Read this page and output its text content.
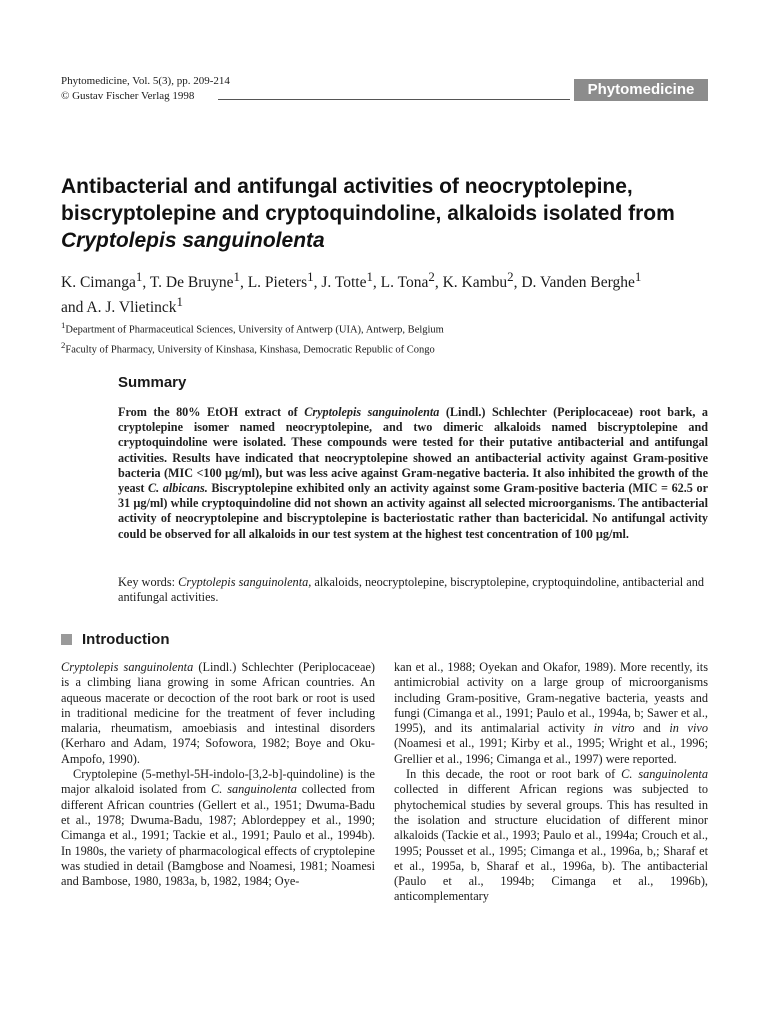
Phytomedicine, Vol. 5(3), pp. 209-214
© Gustav Fischer Verlag 1998	Phytomedicine
Antibacterial and antifungal activities of neocryptolepine, biscryptolepine and cryptoquindoline, alkaloids isolated from Cryptolepis sanguinolenta
K. Cimanga$^1$, T. De Bruyne$^1$, L. Pieters$^1$, J. Totte$^1$, L. Tona$^2$, K. Kambu$^2$, D. Vanden Berghe$^1$
and A. J. Vlietinck$^1$
$^1$Department of Pharmaceutical Sciences, University of Antwerp (UIA), Antwerp, Belgium
$^2$Faculty of Pharmacy, University of Kinshasa, Kinshasa, Democratic Republic of Congo
Summary
From the 80% EtOH extract of Cryptolepis sanguinolenta (Lindl.) Schlechter (Periplocaceae) root bark, a cryptolepine isomer named neocryptolepine, and two dimeric alkaloids named biscryptolepine and cryptoquindoline were isolated. These compounds were tested for their putative antibacterial and antifungal activities. Results have indicated that neocryptolepine showed an antibacterial activity against Gram-positive bacteria (MIC <100 µg/ml), but was less acive against Gram-negative bacteria. It also inhibited the growth of the yeast C. albicans. Biscryptolepine exhibited only an activity against some Gram-positive bacteria (MIC = 62.5 or 31 µg/ml) while cryptoquindoline did not shown an activity against all selected microorganisms. The antibacterial activity of neocryptolepine and biscryptolepine is bacteriostatic rather than bactericidal. No antifungal activity could be observed for all alkaloids in our test system at the highest test concentration of 100 µg/ml.
Key words: Cryptolepis sanguinolenta, alkaloids, neocryptolepine, biscryptolepine, cryptoquindoline, antibacterial and antifungal activities.
Introduction

Cryptolepis sanguinolenta (Lindl.) Schlechter (Periplocaceae) is a climbing liana growing in some African countries. An aqueous macerate or decoction of the root bark or root is used in traditional medicine for the treatment of fever including malaria, rheumatism, amoebiasis and intestinal disorders (Kerharo and Adam, 1974; Sofowora, 1982; Boye and Oku-Ampofo, 1990).

Cryptolepine (5-methyl-5H-indolo-[3,2-b]-quindoline) is the major alkaloid isolated from C. sanguinolenta collected from different African countries (Gellert et al., 1951; Dwuma-Badu et al., 1978; Dwuma-Badu, 1987; Ablordeppey et al., 1990; Cimanga et al., 1991; Tackie et al., 1991; Paulo et al., 1994b). In 1980s, the variety of pharmacological effects of cryptolepine was studied in detail (Bamgbose and Noamesi, 1981; Noamesi and Bambose, 1980, 1983a, b, 1982, 1984; Oye-

kan et al., 1988; Oyekan and Okafor, 1989). More recently, its antimicrobial activity on a large group of microorganisms including Gram-positive, Gram-negative bacteria, yeasts and fungi (Cimanga et al., 1991; Paulo et al., 1994a, b; Sawer et al., 1995), and its antimalarial activity in vitro and in vivo (Noamesi et al., 1991; Kirby et al., 1995; Wright et al., 1996; Grellier et al., 1996; Cimanga et al., 1997) were reported.

In this decade, the root or root bark of C. sanguinolenta collected in different African regions was subjected to phytochemical studies by several groups. This has resulted in the isolation and structure elucidation of different minor alkaloids (Tackie et al., 1993; Paulo et al., 1994a; Crouch et al., 1995; Pousset et al., 1995; Cimanga et al., 1996a, b,; Sharaf et et al., 1995a, b, Sharaf et al., 1996a, b). The antibacterial (Paulo et al., 1994b; Cimanga et al., 1996b), anticomplementary
